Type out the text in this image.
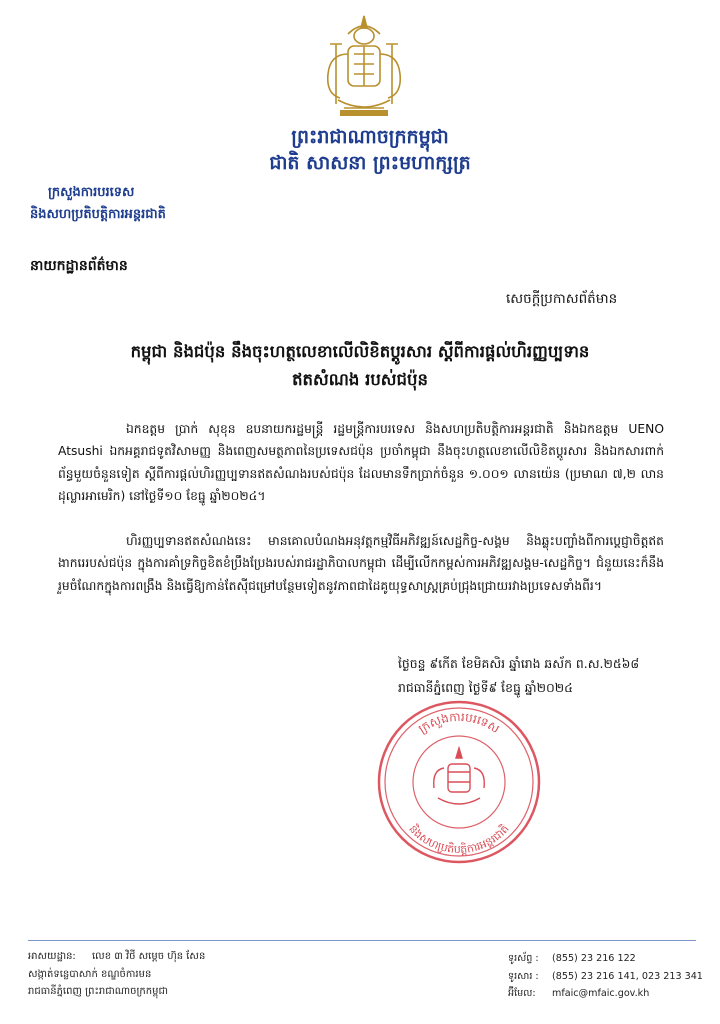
ព្រះរាជាណាចក្រកម្ពុជា
ជាតិ សាសនា ព្រះមហាក្សត្រ
ក្រសួងការបរទេស
និងសហប្រតិបត្តិការអន្តរជាតិ
នាយកដ្ឋានព័ត៌មាន
សេចក្ដីប្រកាសព័ត៌មាន
កម្ពុជា និងជប៉ុន នឹងចុះហត្ថលេខាលើលិខិតប្តូរសារ ស្តីពីការផ្តល់ហិរញ្ញប្បទាន
ឥតសំណង របស់ជប៉ុន
ឯកឧត្តម ប្រាក់ សុខុន ឧបនាយករដ្ឋមន្ត្រី រដ្ឋមន្ត្រីការបរទេស និងសហប្រតិបត្តិការអន្តរជាតិ និងឯកឧត្តម UENO Atsushi ឯកអគ្គរាជទូតវិសាមញ្ញ និងពេញសមត្ថភាពនៃប្រទេសជប៉ុន ប្រចាំកម្ពុជា នឹងចុះហត្ថលេខាលើលិខិតប្តូរសារ និងឯកសារពាក់ព័ន្ធមួយចំនួនទៀត ស្តីពីការផ្តល់ហិរញ្ញប្បទានឥតសំណងរបស់ជប៉ុន ដែលមានទឹកប្រាក់ចំនួន ១.០០១ លានយ៉េន (ប្រមាណ ៧,២ លានដុល្លារអាមេរិក) នៅថ្ងៃទី១០ ខែធ្នូ ឆ្នាំ២០២៤។
ហិរញ្ញប្បទានឥតសំណងនេះ មានគោលបំណងអនុវត្តកម្មវិធីអភិវឌ្ឍន៍សេដ្ឋកិច្ច-សង្គម និងឆ្លុះបញ្ចាំងពីការប្តេជ្ញាចិត្តឥតងាករេរបស់ជប៉ុន ក្នុងការគាំទ្រកិច្ចខិតខំប្រឹងប្រែងរបស់រាជរដ្ឋាភិបាលកម្ពុជា ដើម្បីលើកកម្ពស់ការអភិវឌ្ឍសង្គម-សេដ្ឋកិច្ច។ ជំនួយនេះក៏នឹងរួមចំណែកក្នុងការពង្រឹង និងធ្វើឱ្យកាន់តែស៊ីជម្រៅបន្ថែមទៀតនូវភាពជាដៃគូយុទ្ធសាស្ត្រគ្រប់ជ្រុងជ្រោយរវាងប្រទេសទាំងពីរ។
ថ្ងៃចន្ទ ៩កើត ខែមិគសិរ ឆ្នាំរោង ឆស័ក ព.ស.២៥៦៨
រាជធានីភ្នំពេញ ថ្ងៃទី៩ ខែធ្នូ ឆ្នាំ២០២៤
ក្រសួងការបរទេស
និងសហប្រតិបត្តិការអន្តរជាតិ
អាសយដ្ឋាន: លេខ ៣ វិថី សម្តេច ហ៊ុន សែន
សង្កាត់ទន្លេបាសាក់ ខណ្ឌចំការមន
រាជធានីភ្នំពេញ ព្រះរាជាណាចក្រកម្ពុជា
ទូរស័ព្ទ : (855) 23 216 122
ទូរសារ : (855) 23 216 141, 023 213 341
អ៊ីមែល: mfaic@mfaic.gov.kh
